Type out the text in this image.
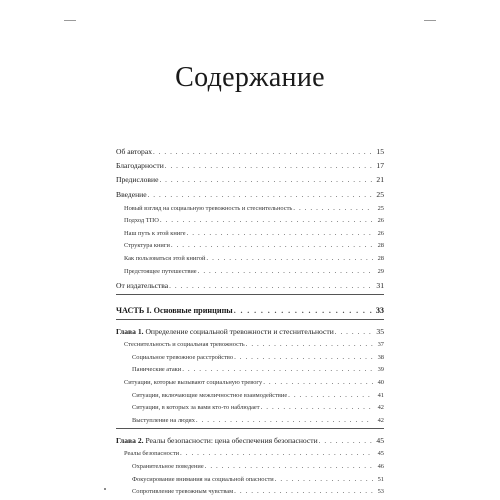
Содержание
Об авторах . . .	15
Благодарности . . .	17
Предисловие . . .	21
Введение . . .	25
Новый взгляд на социальную тревожность и стеснительность . . .	25
Подход ТПО . . .	26
Наш путь к этой книге . . .	26
Структура книги . . .	28
Как пользоваться этой книгой . . .	28
Предстоящее путешествие . . .	29
От издательства . . .	31
ЧАСТЬ I. Основные принципы . . .	33
Глава 1. Определение социальной тревожности и стеснительности . . .	35
Стеснительность и социальная тревожность . . .	37
Социальное тревожное расстройство . . .	38
Панические атаки . . .	39
Ситуации, которые вызывают социальную тревогу . . .	40
Ситуации, включающие межличностное взаимодействие . . .	41
Ситуации, в которых за вами кто-то наблюдает . . .	42
Выступление на людях . . .	42
Глава 2. Реалы безопасности: цена обеспечения безопасности . . .	45
Реалы безопасности . . .	45
Охранительное поведение . . .	46
Фокусирование внимания на социальной опасности . . .	51
Сопротивление тревожным чувствам . . .	53
